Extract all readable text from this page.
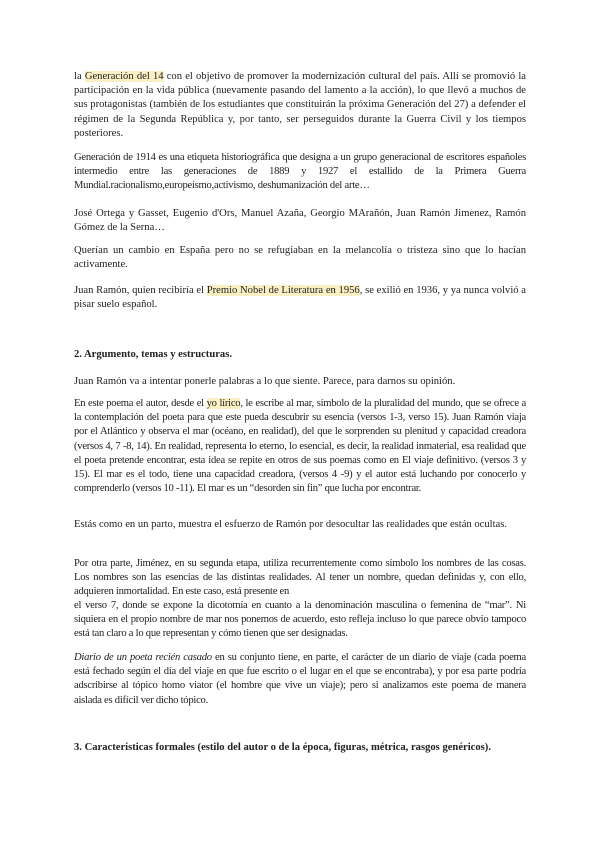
la Generación del 14 con el objetivo de promover la modernización cultural del país. Allí se promovió la participación en la vida pública (nuevamente pasando del lamento a la acción), lo que llevó a muchos de sus protagonistas (también de los estudiantes que constituirán la próxima Generación del 27) a defender el régimen de la Segunda República y, por tanto, ser perseguidos durante la Guerra Civil y los tiempos posteriores.

Generación de 1914 es una etiqueta historiográfica que designa a un grupo generacional de escritores españoles intermedio entre las generaciones de 1889 y 1927 el estallido de la Primera Guerra Mundial.racionalismo,europeísmo,activismo, deshumanización del arte…

José Ortega y Gasset, Eugenio d'Ors, Manuel Azaña, Georgio MArañón, Juan Ramón Jimenez, Ramón Gómez de la Serna…

Querían un cambio en España pero no se refugiaban en la melancolía o tristeza sino que lo hacían activamente.

Juan Ramón, quien recibiría el Premio Nobel de Literatura en 1956, se exilió en 1936, y ya nunca volvió a pisar suelo español.

2. Argumento, temas y estructuras.

Juan Ramón va a intentar ponerle palabras a lo que siente. Parece, para darnos su opinión.

En este poema el autor, desde el yo lírico, le escribe al mar, símbolo de la pluralidad del mundo, que se ofrece a la contemplación del poeta para que este pueda descubrir su esencia (versos 1-3, verso 15). Juan Ramón viaja por el Atlántico y observa el mar (océano, en realidad), del que le sorprenden su plenitud y capacidad creadora (versos 4, 7 -8, 14). En realidad, representa lo eterno, lo esencial, es decir, la realidad inmaterial, esa realidad que el poeta pretende encontrar, esta idea se repite en otros de sus poemas como en El viaje definitivo. (versos 3 y 15). El mar es el todo, tiene una capacidad creadora, (versos 4 -9) y el autor está luchando por conocerlo y comprenderlo (versos 10 -11). El mar es un “desorden sin fin” que lucha por encontrar.

Estás como en un parto, muestra el esfuerzo de Ramón por desocultar las realidades que están ocultas.

Por otra parte, Jiménez, en su segunda etapa, utiliza recurrentemente como símbolo los nombres de las cosas. Los nombres son las esencias de las distintas realidades. Al tener un nombre, quedan definidas y, con ello, adquieren inmortalidad. En este caso, está presente en

el verso 7, donde se expone la dicotomía en cuanto a la denominación masculina o femenina de “mar”. Ni siquiera en el propio nombre de mar nos ponemos de acuerdo, esto refleja incluso lo que parece obvio tampoco está tan claro a lo que representan y cómo tienen que ser designadas.

Diario de un poeta recién casado en su conjunto tiene, en parte, el carácter de un diario de viaje (cada poema está fechado según el día del viaje en que fue escrito o el lugar en el que se encontraba), y por esa parte podría adscribirse al tópico homo viator (el hombre que vive un viaje); pero si analizamos este poema de manera aislada es difícil ver dicho tópico.

3. Características formales (estilo del autor o de la época, figuras, métrica, rasgos genéricos).
